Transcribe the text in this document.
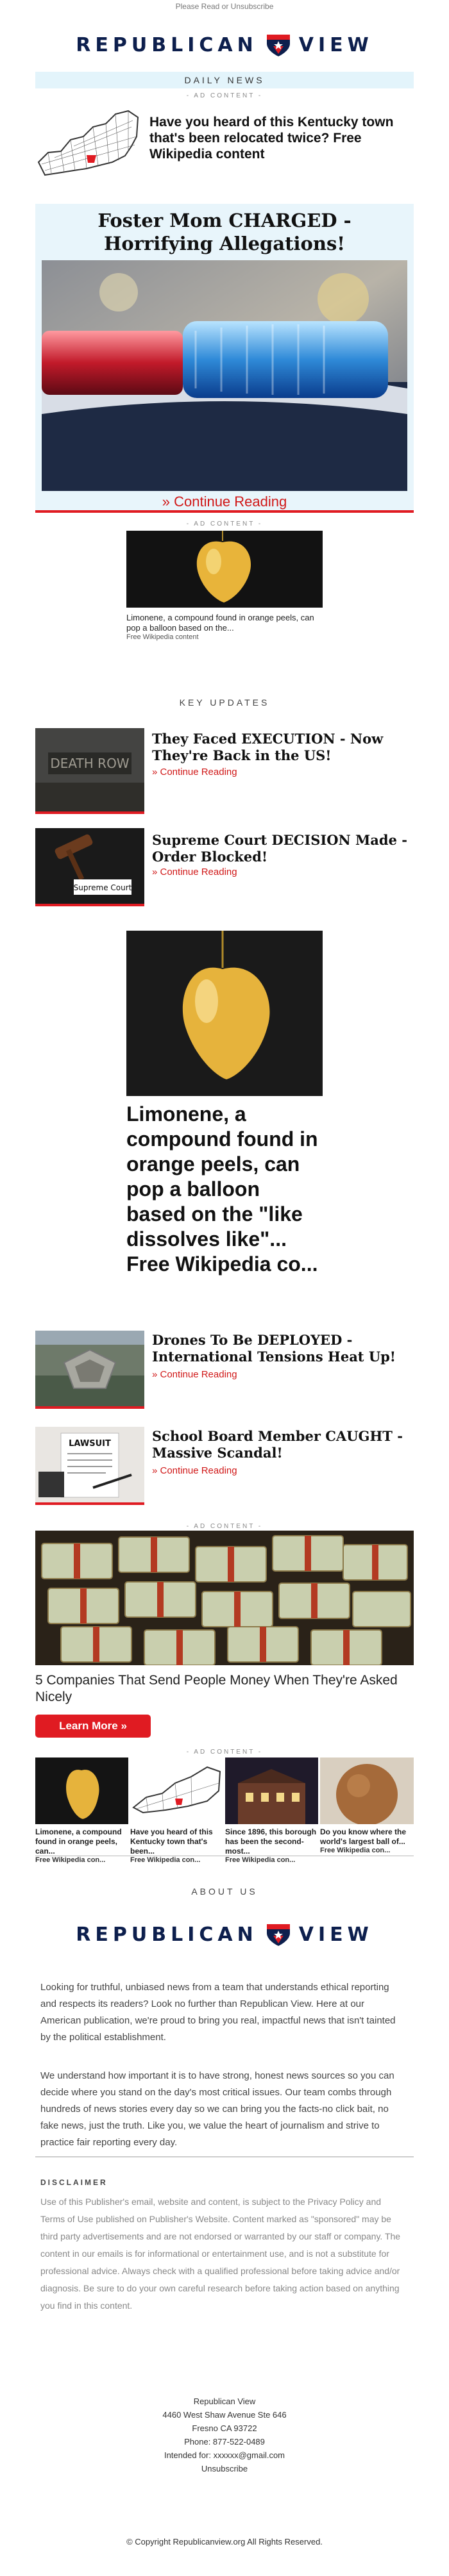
Please Read or Unsubscribe
REPUBLICAN VIEW
DAILY NEWS
- AD CONTENT -
Have you heard of this Kentucky town that's been relocated twice? Free Wikipedia content
Foster Mom CHARGED - Horrifying Allegations!
» Continue Reading
- AD CONTENT -
Limonene, a compound found in orange peels, can pop a balloon based on the...
Free Wikipedia content
KEY UPDATES
DEATH ROW
They Faced EXECUTION - Now They're Back in the US!
» Continue Reading
Supreme Court
Supreme Court DECISION Made - Order Blocked!
» Continue Reading
Limonene, a compound found in orange peels, can pop a balloon based on the "like dissolves like"... Free Wikipedia co...
Drones To Be DEPLOYED - International Tensions Heat Up!
» Continue Reading
LAWSUIT	School Board Member CAUGHT - Massive Scandal!
» Continue Reading
- AD CONTENT -
5 Companies That Send People Money When They're Asked Nicely
Learn More »
- AD CONTENT -
Limonene, a compound found in orange peels, can...
Free Wikipedia con...
Have you heard of this Kentucky town that's been...
Free Wikipedia con...
Since 1896, this borough has been the second-most...
Free Wikipedia con...
Do you know where the world's largest ball of...
Free Wikipedia con...
ABOUT US
REPUBLICAN VIEW
Looking for truthful, unbiased news from a team that understands ethical reporting and respects its readers? Look no further than Republican View. Here at our American publication, we're proud to bring you real, impactful news that isn't tainted by the political establishment.
We understand how important it is to have strong, honest news sources so you can decide where you stand on the day's most critical issues. Our team combs through hundreds of news stories every day so we can bring you the facts-no click bait, no fake news, just the truth. Like you, we value the heart of journalism and strive to practice fair reporting every day.
DISCLAIMER
Use of this Publisher's email, website and content, is subject to the Privacy Policy and Terms of Use published on Publisher's Website. Content marked as "sponsored" may be third party advertisements and are not endorsed or warranted by our staff or company. The content in our emails is for informational or entertainment use, and is not a substitute for professional advice. Always check with a qualified professional before taking advice and/or diagnosis. Be sure to do your own careful research before taking action based on anything you find in this content.
Republican View
4460 West Shaw Avenue Ste 646
Fresno CA 93722
Phone: 877-522-0489
Intended for: xxxxxx@gmail.com
Unsubscribe
© Copyright Republicanview.org All Rights Reserved.
